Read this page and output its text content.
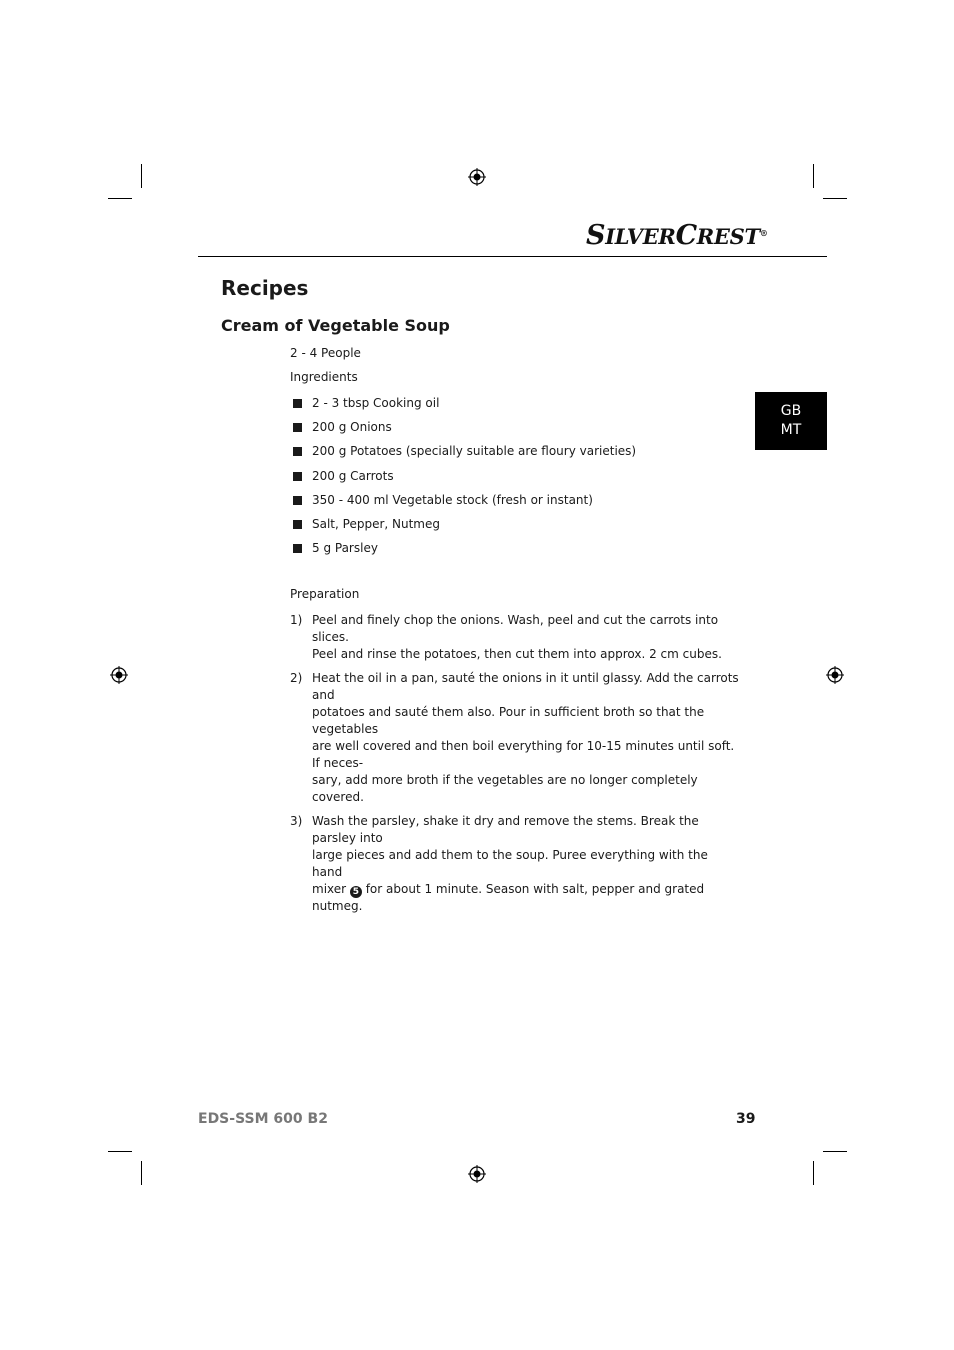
SILVERCREST®
Recipes
Cream of Vegetable Soup
GB
MT

2 - 4 People

Ingredients

2 - 3 tbsp Cooking oil
200 g Onions
200 g Potatoes (specially suitable are floury varieties)
200 g Carrots
350 - 400 ml Vegetable stock (fresh or instant)
Salt, Pepper, Nutmeg
5 g Parsley

Preparation

1) Peel and finely chop the onions. Wash, peel and cut the carrots into slices.
Peel and rinse the potatoes, then cut them into approx. 2 cm cubes.
2) Heat the oil in a pan, sauté the onions in it until glassy. Add the carrots and
potatoes and sauté them also. Pour in sufficient broth so that the vegetables
are well covered and then boil everything for 10-15 minutes until soft. If neces-
sary, add more broth if the vegetables are no longer completely covered.
3) Wash the parsley, shake it dry and remove the stems. Break the parsley into
large pieces and add them to the soup. Puree everything with the hand
mixer 5 for about 1 minute. Season with salt, pepper and grated nutmeg.

EDS-SSM 600 B2	39
